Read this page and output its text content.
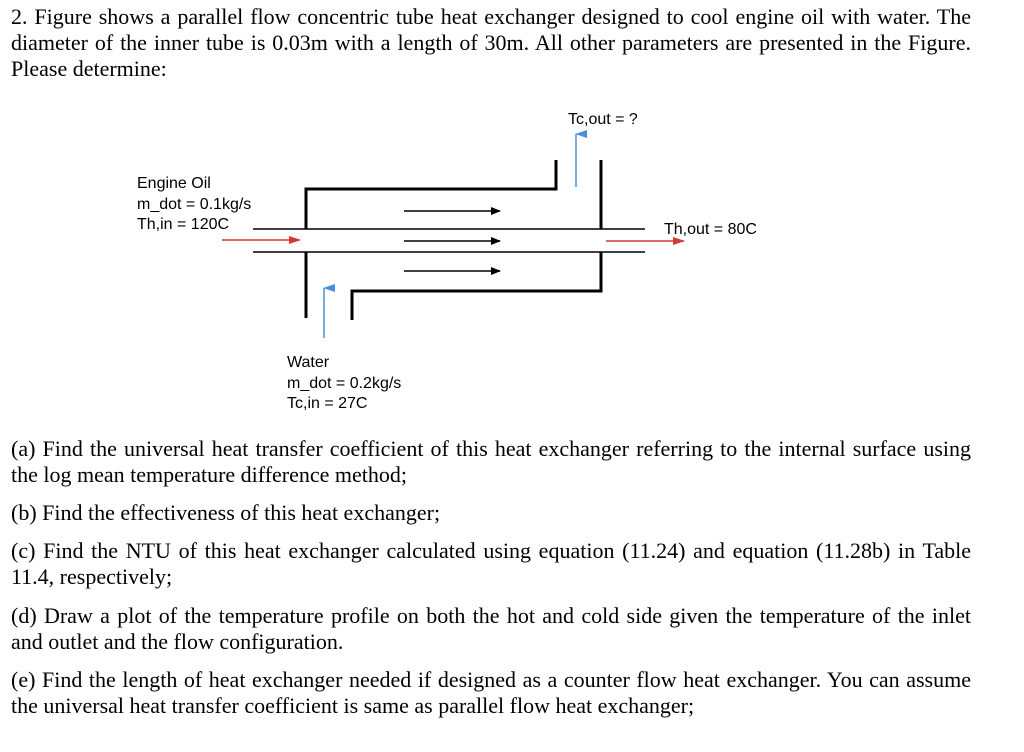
2. Figure shows a parallel flow concentric tube heat exchanger designed to cool engine oil with water. The diameter of the inner tube is 0.03m with a length of 30m. All other parameters are presented in the Figure. Please determine:

Engine Oil
m_dot = 0.1kg/s
Th,in = 120C	Th,out = 80C
Tc,out = ?
Water
m_dot = 0.2kg/s
Tc,in = 27C

(a) Find the universal heat transfer coefficient of this heat exchanger referring to the internal surface using the log mean temperature difference method;

(b) Find the effectiveness of this heat exchanger;

(c) Find the NTU of this heat exchanger calculated using equation (11.24) and equation (11.28b) in Table 11.4, respectively;

(d) Draw a plot of the temperature profile on both the hot and cold side given the temperature of the inlet and outlet and the flow configuration.

(e) Find the length of heat exchanger needed if designed as a counter flow heat exchanger. You can assume the universal heat transfer coefficient is same as parallel flow heat exchanger;
